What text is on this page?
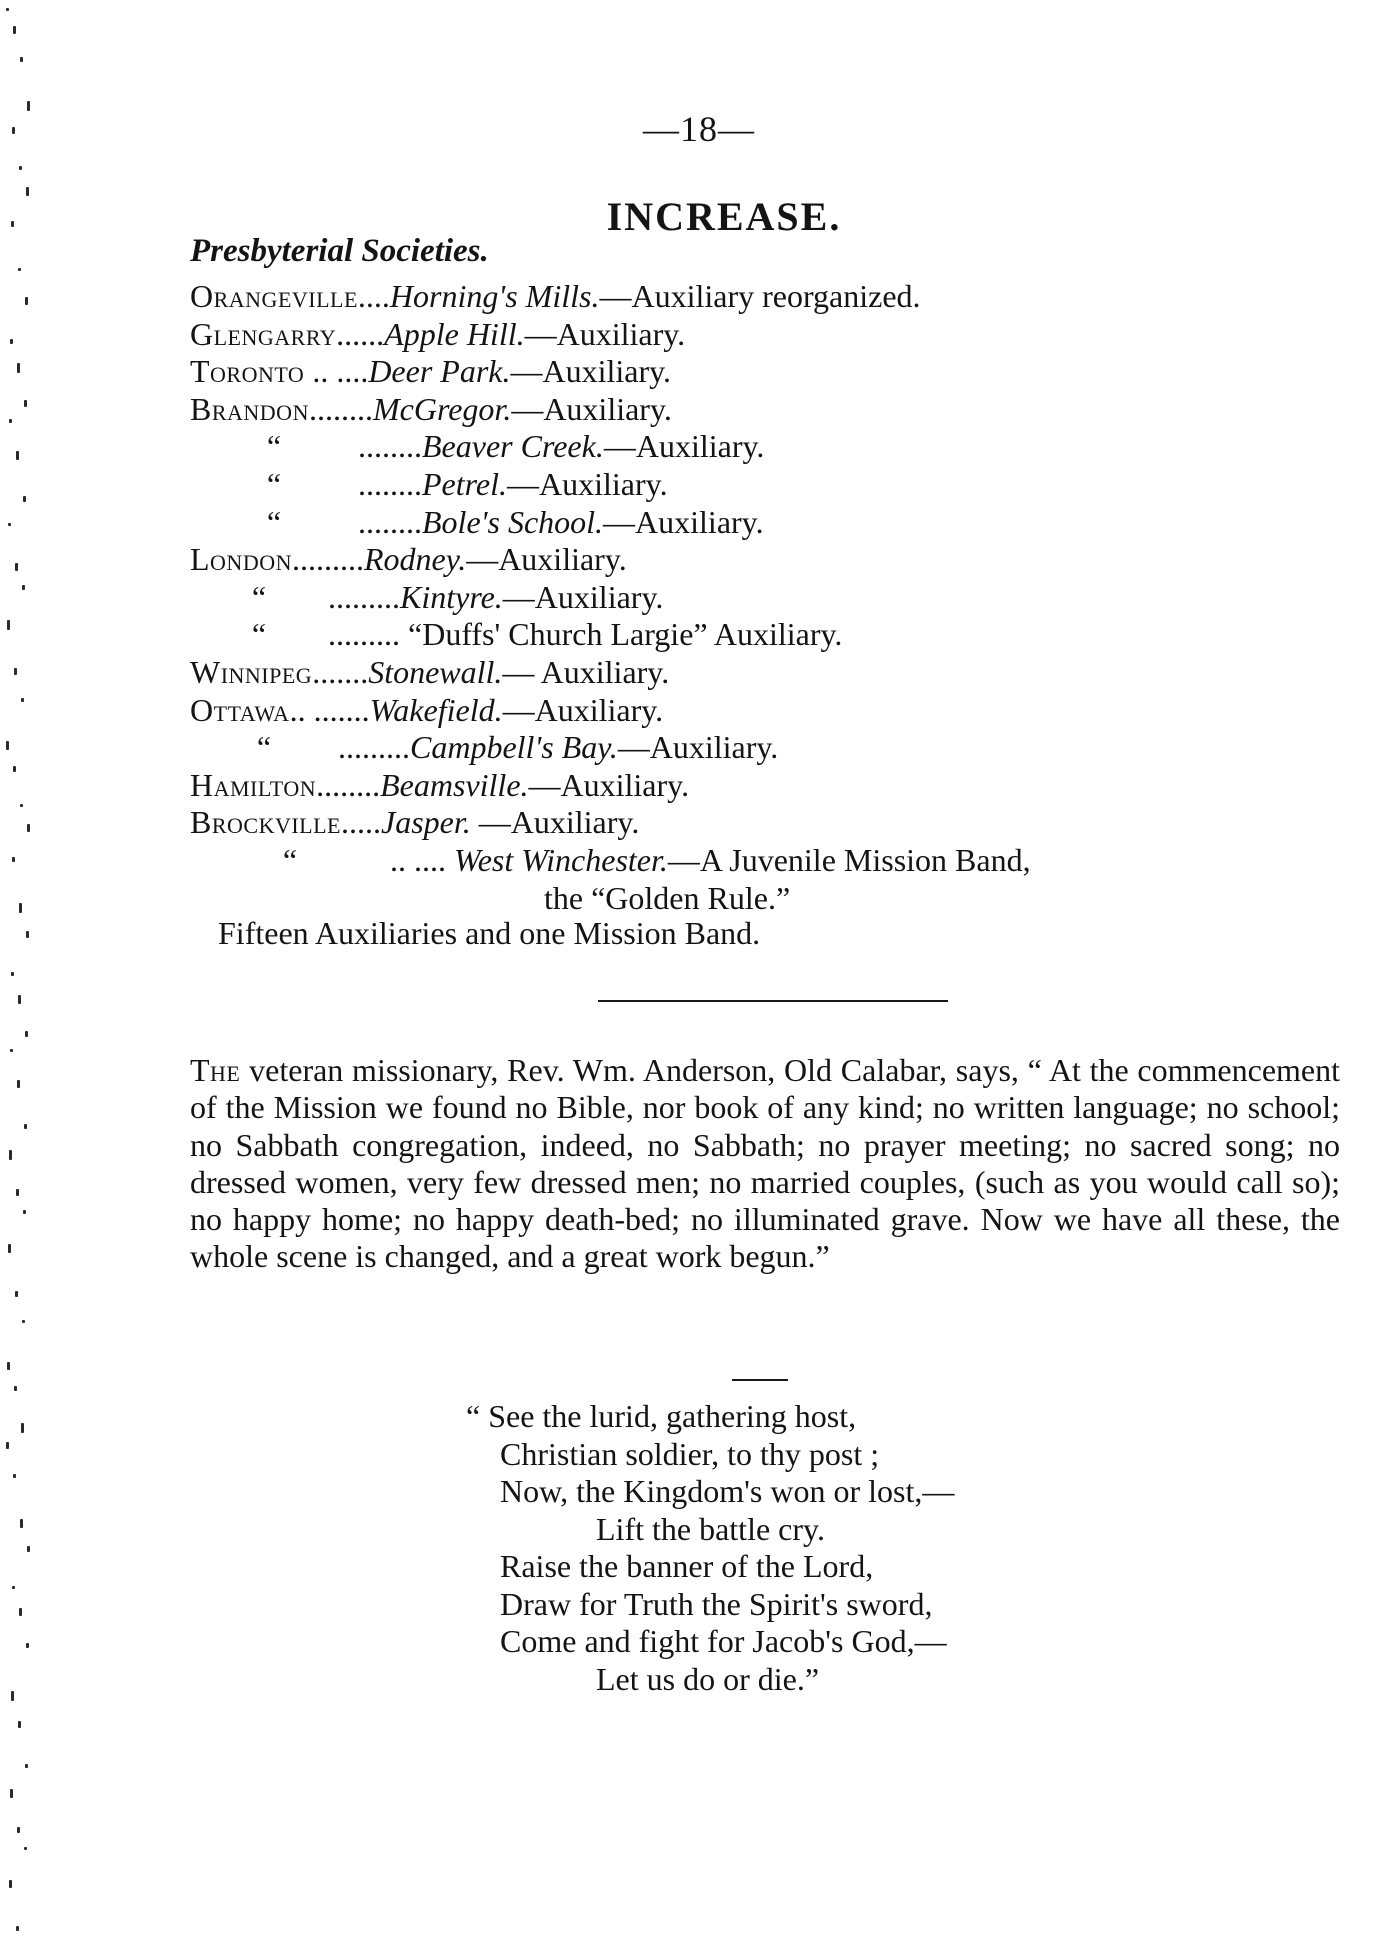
—18—
INCREASE.
Presbyterial Societies.
Orangeville....Horning's Mills.—Auxiliary reorganized.
Glengarry......Apple Hill.—Auxiliary.
Toronto .. ....Deer Park.—Auxiliary.
Brandon........McGregor.—Auxiliary.
“ ........Beaver Creek.—Auxiliary.
“ ........Petrel.—Auxiliary.
“ ........Bole's School.—Auxiliary.
London.........Rodney.—Auxiliary.
“ .........Kintyre.—Auxiliary.
“ ......... “Duffs' Church Largie” Auxiliary.
Winnipeg.......Stonewall.— Auxiliary.
Ottawa.. .......Wakefield.—Auxiliary.
“ .........Campbell's Bay.—Auxiliary.
Hamilton........Beamsville.—Auxiliary.
Brockville.....Jasper. —Auxiliary.
“	.. .... West Winchester.—A Juvenile Mission Band,
the “Golden Rule.”
Fifteen Auxiliaries and one Mission Band.
The veteran missionary, Rev. Wm. Anderson, Old Calabar, says, “ At the commencement of the Mission we found no Bible, nor book of any kind; no written language; no school; no Sabbath congregation, indeed, no Sabbath; no prayer meeting; no sacred song; no dressed women, very few dressed men; no married couples, (such as you would call so); no happy home; no happy death-bed; no illuminated grave. Now we have all these, the whole scene is changed, and a great work begun.”
“ See the lurid, gathering host,
Christian soldier, to thy post ;
Now, the Kingdom's won or lost,—
Lift the battle cry.
Raise the banner of the Lord,
Draw for Truth the Spirit's sword,
Come and fight for Jacob's God,—
Let us do or die.”
